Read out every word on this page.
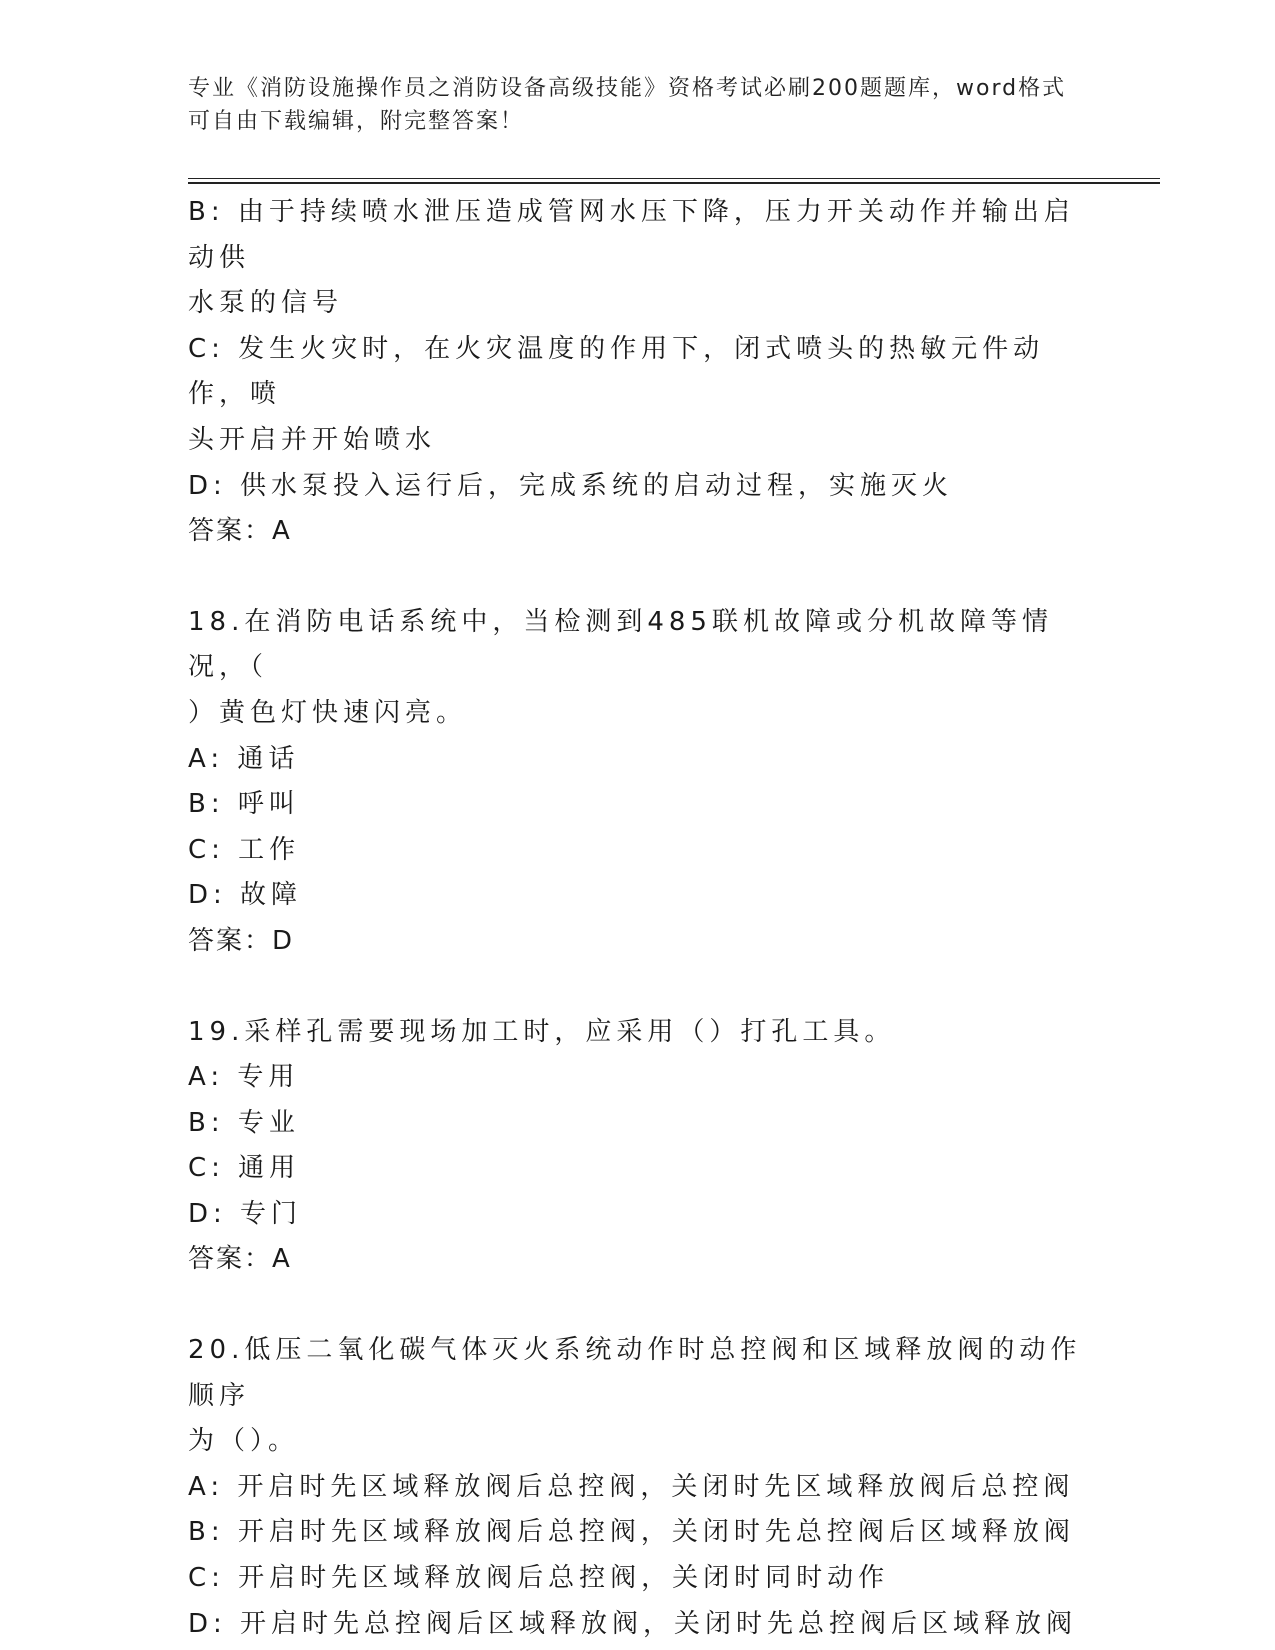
专业《消防设施操作员之消防设备高级技能》资格考试必刷200题题库，word格式可自由下载编辑，附完整答案！

B: 由于持续喷水泄压造成管网水压下降，压力开关动作并输出启动供

水泵的信号

C: 发生火灾时，在火灾温度的作用下，闭式喷头的热敏元件动作，喷

头开启并开始喷水

D: 供水泵投入运行后，完成系统的启动过程，实施灭火

答案：A

18.在消防电话系统中，当检测到485联机故障或分机故障等情况，（

）黄色灯快速闪亮。

A: 通话

B: 呼叫

C: 工作

D: 故障

答案：D

19.采样孔需要现场加工时，应采用（）打孔工具。

A: 专用

B: 专业

C: 通用

D: 专门

答案：A

20.低压二氧化碳气体灭火系统动作时总控阀和区域释放阀的动作顺序

为（）。

A: 开启时先区域释放阀后总控阀，关闭时先区域释放阀后总控阀

B: 开启时先区域释放阀后总控阀，关闭时先总控阀后区域释放阀

C: 开启时先区域释放阀后总控阀，关闭时同时动作

D: 开启时先总控阀后区域释放阀，关闭时先总控阀后区域释放阀
